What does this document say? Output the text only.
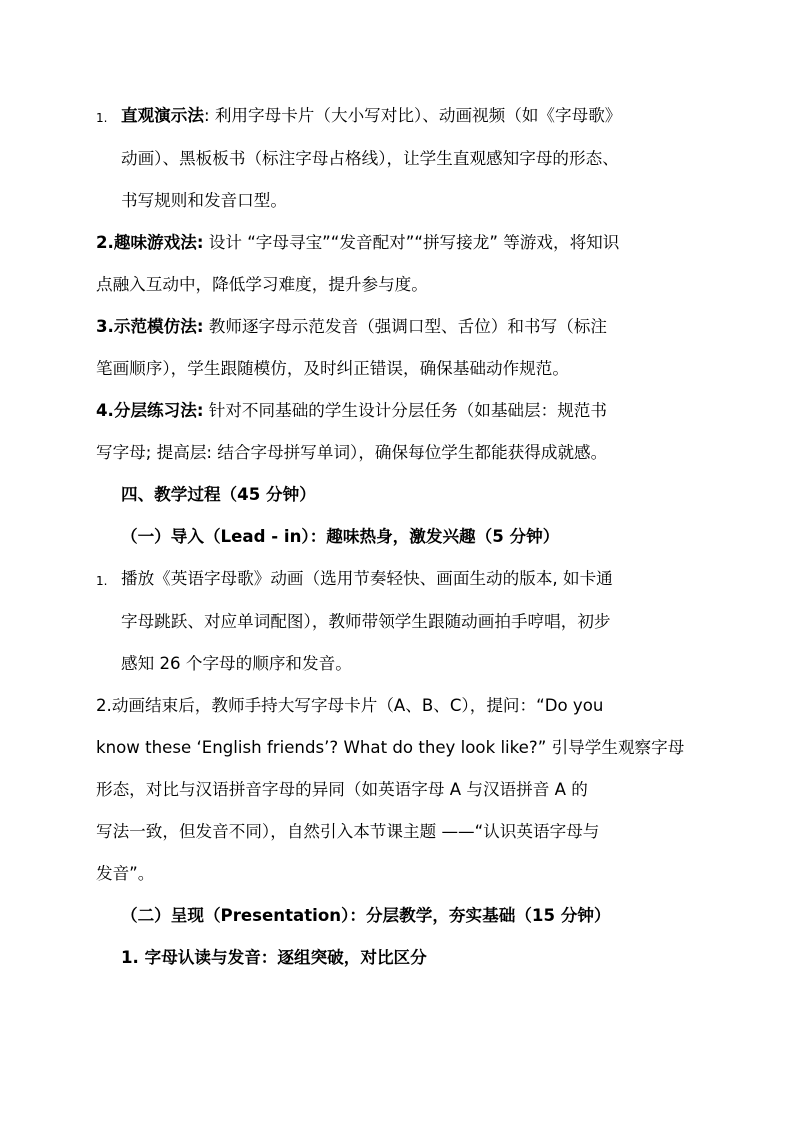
1. 直观演示法: 利用字母卡片（大小写对比）、动画视频（如《字母歌》
动画）、黑板板书（标注字母占格线），让学生直观感知字母的形态、
书写规则和发音口型。
2.趣味游戏法: 设计 “字母寻宝”“发音配对”“拼写接龙” 等游戏，将知识
点融入互动中，降低学习难度，提升参与度。
3.示范模仿法: 教师逐字母示范发音（强调口型、舌位）和书写（标注
笔画顺序），学生跟随模仿，及时纠正错误，确保基础动作规范。
4.分层练习法: 针对不同基础的学生设计分层任务（如基础层：规范书
写字母; 提高层: 结合字母拼写单词），确保每位学生都能获得成就感。
四、教学过程（45 分钟）
（一）导入（Lead - in）：趣味热身，激发兴趣（5 分钟）
1. 播放《英语字母歌》动画（选用节奏轻快、画面生动的版本, 如卡通
字母跳跃、对应单词配图），教师带领学生跟随动画拍手哼唱，初步
感知 26 个字母的顺序和发音。
2.动画结束后，教师手持大写字母卡片（A、B、C），提问：“Do you
know these ‘English friends’? What do they look like?” 引导学生观察字母
形态，对比与汉语拼音字母的异同（如英语字母 A 与汉语拼音 A 的
写法一致，但发音不同），自然引入本节课主题 ——“认识英语字母与
发音”。
（二）呈现（Presentation）：分层教学，夯实基础（15 分钟）
1. 字母认读与发音：逐组突破，对比区分
